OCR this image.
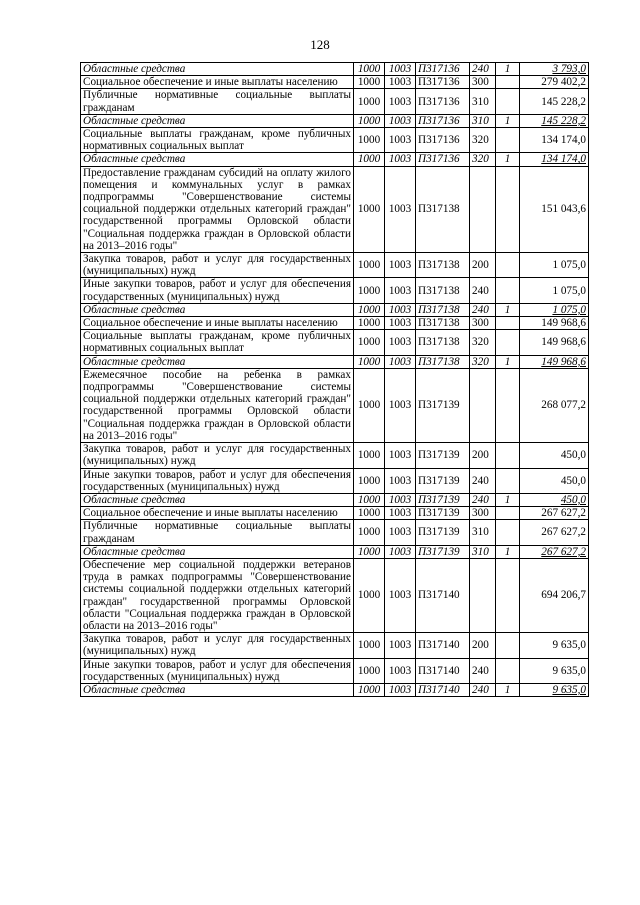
128
Областные средства	1000	1003	П317136	240	1	3 793,0
Социальное обеспечение и иные выплаты населению	1000	1003	П317136	300		279 402,2
Публичные нормативные социальные выплаты гражданам	1000	1003	П317136	310		145 228,2
Областные средства	1000	1003	П317136	310	1	145 228,2
Социальные выплаты гражданам, кроме публичных нормативных социальных выплат	1000	1003	П317136	320		134 174,0
Областные средства	1000	1003	П317136	320	1	134 174,0
Предоставление гражданам субсидий на оплату жилого помещения и коммунальных услуг в рамках подпрограммы "Совершенствование системы социальной поддержки отдельных категорий граждан" государственной программы Орловской области "Социальная поддержка граждан в Орловской области на 2013–2016 годы"	1000	1003	П317138			151 043,6
Закупка товаров, работ и услуг для государственных (муниципальных) нужд	1000	1003	П317138	200		1 075,0
Иные закупки товаров, работ и услуг для обеспечения государственных (муниципальных) нужд	1000	1003	П317138	240		1 075,0
Областные средства	1000	1003	П317138	240	1	1 075,0
Социальное обеспечение и иные выплаты населению	1000	1003	П317138	300		149 968,6
Социальные выплаты гражданам, кроме публичных нормативных социальных выплат	1000	1003	П317138	320		149 968,6
Областные средства	1000	1003	П317138	320	1	149 968,6
Ежемесячное пособие на ребенка в рамках подпрограммы "Совершенствование системы социальной поддержки отдельных категорий граждан" государственной программы Орловской области "Социальная поддержка граждан в Орловской области на 2013–2016 годы"	1000	1003	П317139			268 077,2
Закупка товаров, работ и услуг для государственных (муниципальных) нужд	1000	1003	П317139	200		450,0
Иные закупки товаров, работ и услуг для обеспечения государственных (муниципальных) нужд	1000	1003	П317139	240		450,0
Областные средства	1000	1003	П317139	240	1	450,0
Социальное обеспечение и иные выплаты населению	1000	1003	П317139	300		267 627,2
Публичные нормативные социальные выплаты гражданам	1000	1003	П317139	310		267 627,2
Областные средства	1000	1003	П317139	310	1	267 627,2
Обеспечение мер социальной поддержки ветеранов труда в рамках подпрограммы "Совершенствование системы социальной поддержки отдельных категорий граждан" государственной программы Орловской области "Социальная поддержка граждан в Орловской области на 2013–2016 годы"	1000	1003	П317140			694 206,7
Закупка товаров, работ и услуг для государственных (муниципальных) нужд	1000	1003	П317140	200		9 635,0
Иные закупки товаров, работ и услуг для обеспечения государственных (муниципальных) нужд	1000	1003	П317140	240		9 635,0
Областные средства	1000	1003	П317140	240	1	9 635,0
